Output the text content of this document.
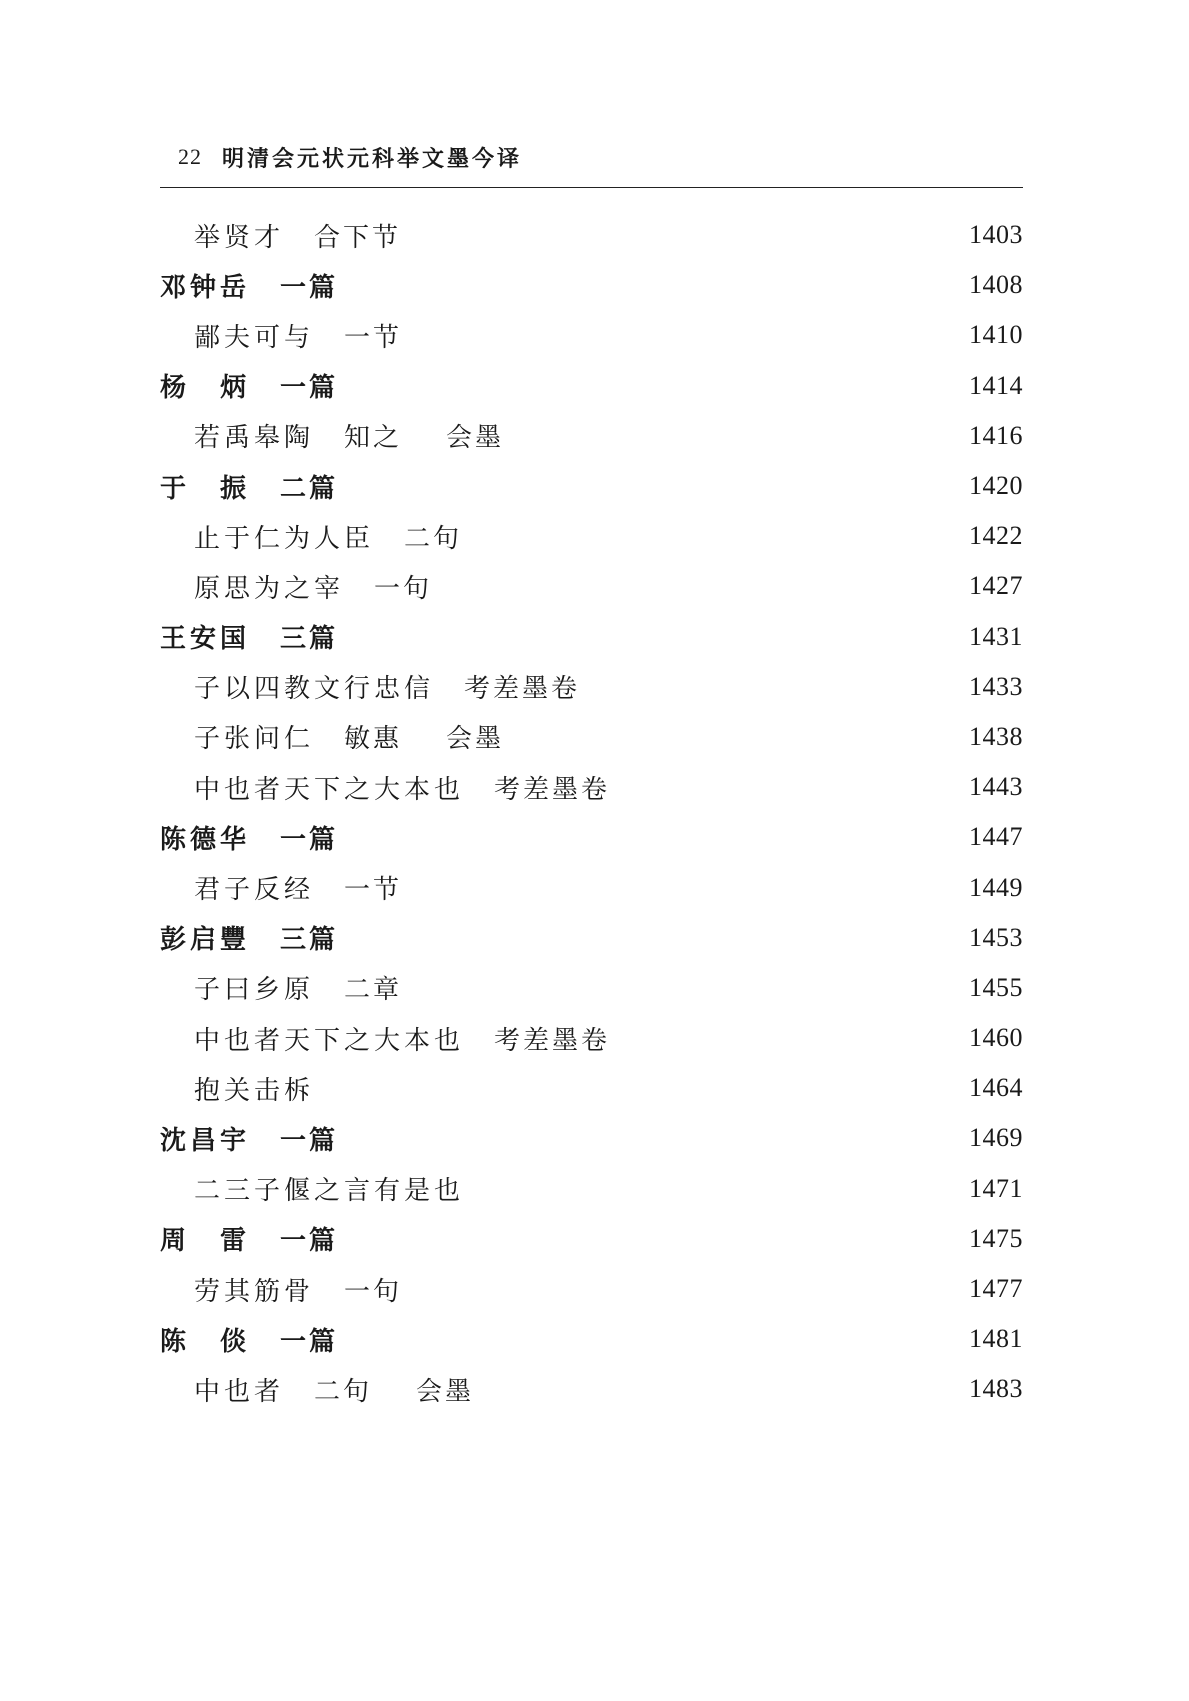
22 明清会元状元科举文墨今译
举贤才 合下节	1403
邓钟岳 一篇	1408
鄙夫可与 一节	1410
杨　炳 一篇	1414
若禹皋陶 知之 会墨	1416
于　振 二篇	1420
止于仁为人臣 二句	1422
原思为之宰 一句	1427
王安国 三篇	1431
子以四教文行忠信 考差墨卷	1433
子张问仁 敏惠 会墨	1438
中也者天下之大本也 考差墨卷	1443
陈德华 一篇	1447
君子反经 一节	1449
彭启豐 三篇	1453
子曰乡原 二章	1455
中也者天下之大本也 考差墨卷	1460
抱关击柝	1464
沈昌宇 一篇	1469
二三子偃之言有是也	1471
周　雷 一篇	1475
劳其筋骨 一句	1477
陈　倓 一篇	1481
中也者 二句 会墨	1483
